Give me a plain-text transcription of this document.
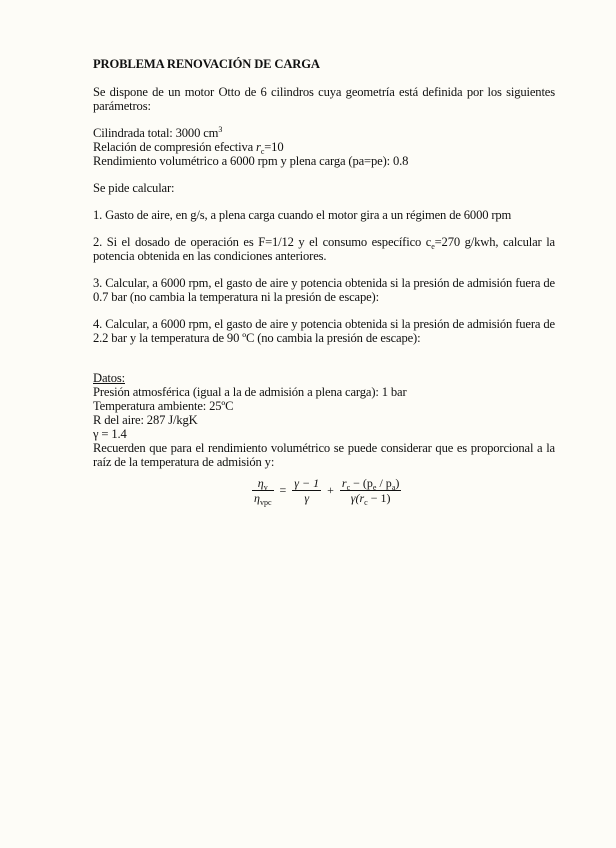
PROBLEMA RENOVACIÓN DE CARGA

Se dispone de un motor Otto de 6 cilindros cuya geometría está definida por los siguientes parámetros:

Cilindrada total: 3000 $cm^3$

Relación de compresión efectiva $r_c=10$

Rendimiento volumétrico a 6000 rpm y plena carga (pa=pe): 0.8

Se pide calcular:

1. Gasto de aire, en g/s, a plena carga cuando el motor gira a un régimen de 6000 rpm

2. Si el dosado de operación es F=1/12 y el consumo específico $c_e=270$ g/kwh, calcular la potencia obtenida en las condiciones anteriores.

3. Calcular, a 6000 rpm, el gasto de aire y potencia obtenida si la presión de admisión fuera de 0.7 bar (no cambia la temperatura ni la presión de escape):

4. Calcular, a 6000 rpm, el gasto de aire y potencia obtenida si la presión de admisión fuera de 2.2 bar y la temperatura de 90 ºC (no cambia la presión de escape):

Datos:

Presión atmosférica (igual a la de admisión a plena carga): 1 bar

Temperatura ambiente: 25ºC

R del aire: 287 J/kgK

γ = 1.4

Recuerden que para el rendimiento volumétrico se puede considerar que es proporcional a la raíz de la temperatura de admisión y:

$\frac{\eta_v}{\eta_{vpc}} = \frac{\gamma - 1}{\gamma} + \frac{r_c - (p_e / p_a)}{\gamma(r_c - 1)}$
